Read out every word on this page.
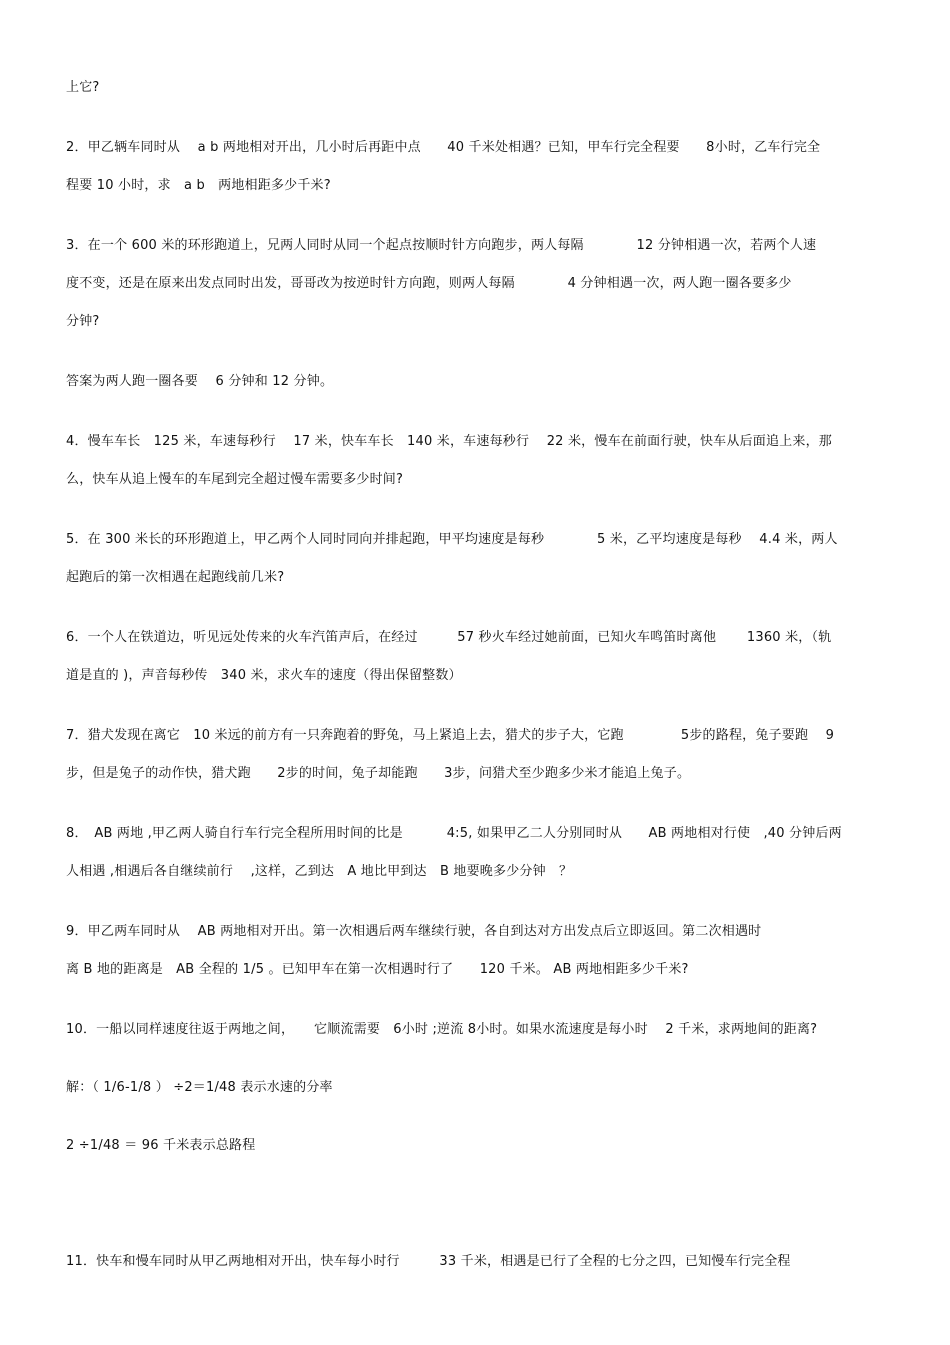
上它?
2．甲乙辆车同时从　 a b 两地相对开出，几小时后再距中点　　40 千米处相遇？已知，甲车行完全程要　　8小时，乙车行完全
程要 10 小时，求　a b　两地相距多少千米?
3．在一个 600 米的环形跑道上，兄两人同时从同一个起点按顺时针方向跑步，两人每隔　　　　12 分钟相遇一次，若两个人速
度不变，还是在原来出发点同时出发，哥哥改为按逆时针方向跑，则两人每隔　　　　4 分钟相遇一次，两人跑一圈各要多少
分钟?
答案为两人跑一圈各要　 6 分钟和 12 分钟。
4．慢车车长　125 米，车速每秒行　 17 米，快车车长　140 米，车速每秒行　 22 米，慢车在前面行驶，快车从后面追上来，那
么，快车从追上慢车的车尾到完全超过慢车需要多少时间?
5．在 300 米长的环形跑道上，甲乙两个人同时同向并排起跑，甲平均速度是每秒　　　　5 米，乙平均速度是每秒　 4.4 米，两人
起跑后的第一次相遇在起跑线前几米?
6．一个人在铁道边，听见远处传来的火车汽笛声后，在经过　　　57 秒火车经过她前面，已知火车鸣笛时离他　　 1360 米，（轨
道是直的 )，声音每秒传　340 米，求火车的速度（得出保留整数）
7．猎犬发现在离它　10 米远的前方有一只奔跑着的野兔，马上紧追上去，猎犬的步子大，它跑　　　　 5步的路程，兔子要跑　 9
步，但是兔子的动作快，猎犬跑　　2步的时间，兔子却能跑　　3步，问猎犬至少跑多少米才能追上兔子。
8．　AB 两地 ,甲乙两人骑自行车行完全程所用时间的比是　　　 4:5, 如果甲乙二人分别同时从　　AB 两地相对行使　,40 分钟后两
人相遇 ,相遇后各自继续前行　 ,这样，乙到达　A 地比甲到达　B 地要晚多少分钟　？
9．甲乙两车同时从　 AB 两地相对开出。第一次相遇后两车继续行驶，各自到达对方出发点后立即返回。第二次相遇时
离 B 地的距离是　AB 全程的 1/5 。已知甲车在第一次相遇时行了　　120 千米。 AB 两地相距多少千米?
10．一船以同样速度往返于两地之间，　　它顺流需要　6小时 ;逆流 8小时。如果水流速度是每小时　 2 千米，求两地间的距离?
解：（ 1/6-1/8 ） ÷2＝1/48 表示水速的分率
2 ÷1/48 ＝ 96 千米表示总路程
11．快车和慢车同时从甲乙两地相对开出，快车每小时行　　　33 千米，相遇是已行了全程的七分之四，已知慢车行完全程
